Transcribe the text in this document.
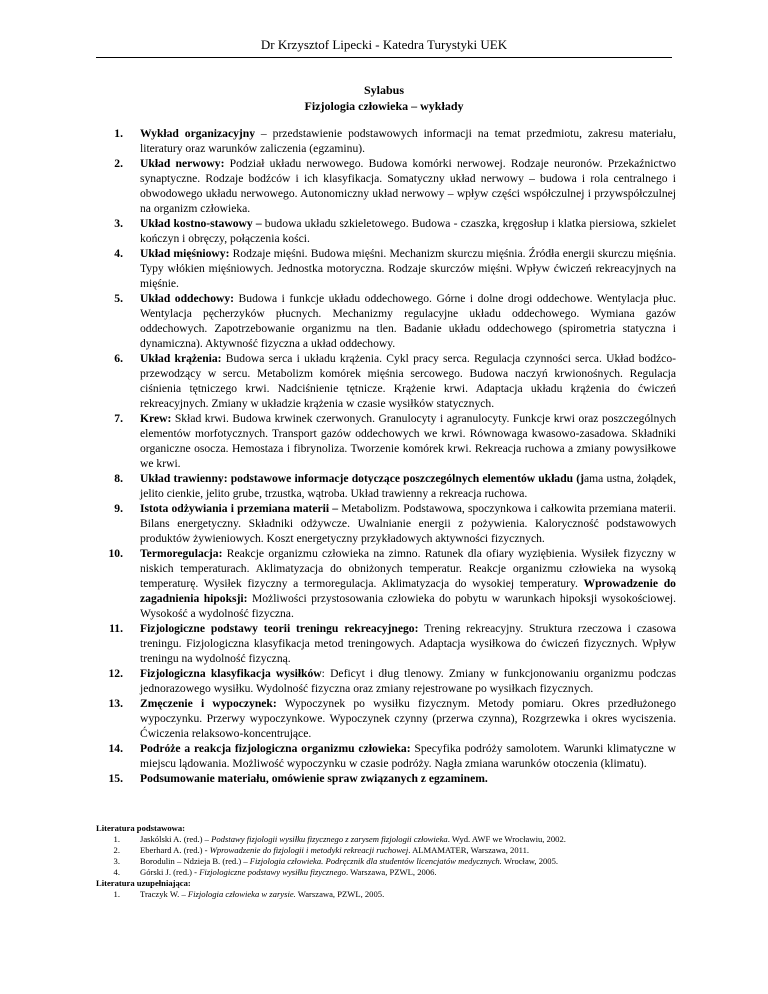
Dr Krzysztof Lipecki - Katedra Turystyki UEK
Sylabus
Fizjologia człowieka – wykłady
1. Wykład organizacyjny – przedstawienie podstawowych informacji na temat przedmiotu, zakresu materiału, literatury oraz warunków zaliczenia (egzaminu).
2. Układ nerwowy: Podział układu nerwowego. Budowa komórki nerwowej. Rodzaje neuronów. Przekaźnictwo synaptyczne. Rodzaje bodźców i ich klasyfikacja. Somatyczny układ nerwowy – budowa i rola centralnego i obwodowego układu nerwowego. Autonomiczny układ nerwowy – wpływ części współczulnej i przywspółczulnej na organizm człowieka.
3. Układ kostno-stawowy – budowa układu szkieletowego. Budowa - czaszka, kręgosłup i klatka piersiowa, szkielet kończyn i obręczy, połączenia kości.
4. Układ mięśniowy: Rodzaje mięśni. Budowa mięśni. Mechanizm skurczu mięśnia. Źródła energii skurczu mięśnia. Typy włókien mięśniowych. Jednostka motoryczna. Rodzaje skurczów mięśni. Wpływ ćwiczeń rekreacyjnych na mięśnie.
5. Układ oddechowy: Budowa i funkcje układu oddechowego. Górne i dolne drogi oddechowe. Wentylacja płuc. Wentylacja pęcherzyków płucnych. Mechanizmy regulacyjne układu oddechowego. Wymiana gazów oddechowych. Zapotrzebowanie organizmu na tlen. Badanie układu oddechowego (spirometria statyczna i dynamiczna). Aktywność fizyczna a układ oddechowy.
6. Układ krążenia: Budowa serca i układu krążenia. Cykl pracy serca. Regulacja czynności serca. Układ bodźco-przewodzący w sercu. Metabolizm komórek mięśnia sercowego. Budowa naczyń krwionośnych. Regulacja ciśnienia tętniczego krwi. Nadciśnienie tętnicze. Krążenie krwi. Adaptacja układu krążenia do ćwiczeń rekreacyjnych. Zmiany w układzie krążenia w czasie wysiłków statycznych.
7. Krew: Skład krwi. Budowa krwinek czerwonych. Granulocyty i agranulocyty. Funkcje krwi oraz poszczególnych elementów morfotycznych. Transport gazów oddechowych we krwi. Równowaga kwasowo-zasadowa. Składniki organiczne osocza. Hemostaza i fibrynoliza. Tworzenie komórek krwi. Rekreacja ruchowa a zmiany powysiłkowe we krwi.
8. Układ trawienny: podstawowe informacje dotyczące poszczególnych elementów układu (jama ustna, żołądek, jelito cienkie, jelito grube, trzustka, wątroba. Układ trawienny a rekreacja ruchowa.
9. Istota odżywiania i przemiana materii – Metabolizm. Podstawowa, spoczynkowa i całkowita przemiana materii. Bilans energetyczny. Składniki odżywcze. Uwalnianie energii z pożywienia. Kaloryczność podstawowych produktów żywieniowych. Koszt energetyczny przykładowych aktywności fizycznych.
10. Termoregulacja: Reakcje organizmu człowieka na zimno. Ratunek dla ofiary wyziębienia. Wysiłek fizyczny w niskich temperaturach. Aklimatyzacja do obniżonych temperatur. Reakcje organizmu człowieka na wysoką temperaturę. Wysiłek fizyczny a termoregulacja. Aklimatyzacja do wysokiej temperatury. Wprowadzenie do zagadnienia hipoksji: Możliwości przystosowania człowieka do pobytu w warunkach hipoksji wysokościowej. Wysokość a wydolność fizyczna.
11. Fizjologiczne podstawy teorii treningu rekreacyjnego: Trening rekreacyjny. Struktura rzeczowa i czasowa treningu. Fizjologiczna klasyfikacja metod treningowych. Adaptacja wysiłkowa do ćwiczeń fizycznych. Wpływ treningu na wydolność fizyczną.
12. Fizjologiczna klasyfikacja wysiłków: Deficyt i dług tlenowy. Zmiany w funkcjonowaniu organizmu podczas jednorazowego wysiłku. Wydolność fizyczna oraz zmiany rejestrowane po wysiłkach fizycznych.
13. Zmęczenie i wypoczynek: Wypoczynek po wysiłku fizycznym. Metody pomiaru. Okres przedłużonego wypoczynku. Przerwy wypoczynkowe. Wypoczynek czynny (przerwa czynna), Rozgrzewka i okres wyciszenia. Ćwiczenia relaksowo-koncentrujące.
14. Podróże a reakcja fizjologiczna organizmu człowieka: Specyfika podróży samolotem. Warunki klimatyczne w miejscu lądowania. Możliwość wypoczynku w czasie podróży. Nagła zmiana warunków otoczenia (klimatu).
15. Podsumowanie materiału, omówienie spraw związanych z egzaminem.
Literatura podstawowa:
1. Jaskólski A. (red.) – Podstawy fizjologii wysiłku fizycznego z zarysem fizjologii człowieka. Wyd. AWF we Wrocławiu, 2002.
2. Eberhard A. (red.) - Wprowadzenie do fizjologii i metodyki rekreacji ruchowej. ALMAMATER, Warszawa, 2011.
3. Borodulin – Ndzieja B. (red.) – Fizjologia człowieka. Podręcznik dla studentów licencjatów medycznych. Wrocław, 2005.
4. Górski J. (red.) - Fizjologiczne podstawy wysiłku fizycznego. Warszawa, PZWL, 2006.
Literatura uzupełniająca:
1. Traczyk W. – Fizjologia człowieka w zarysie. Warszawa, PZWL, 2005.
